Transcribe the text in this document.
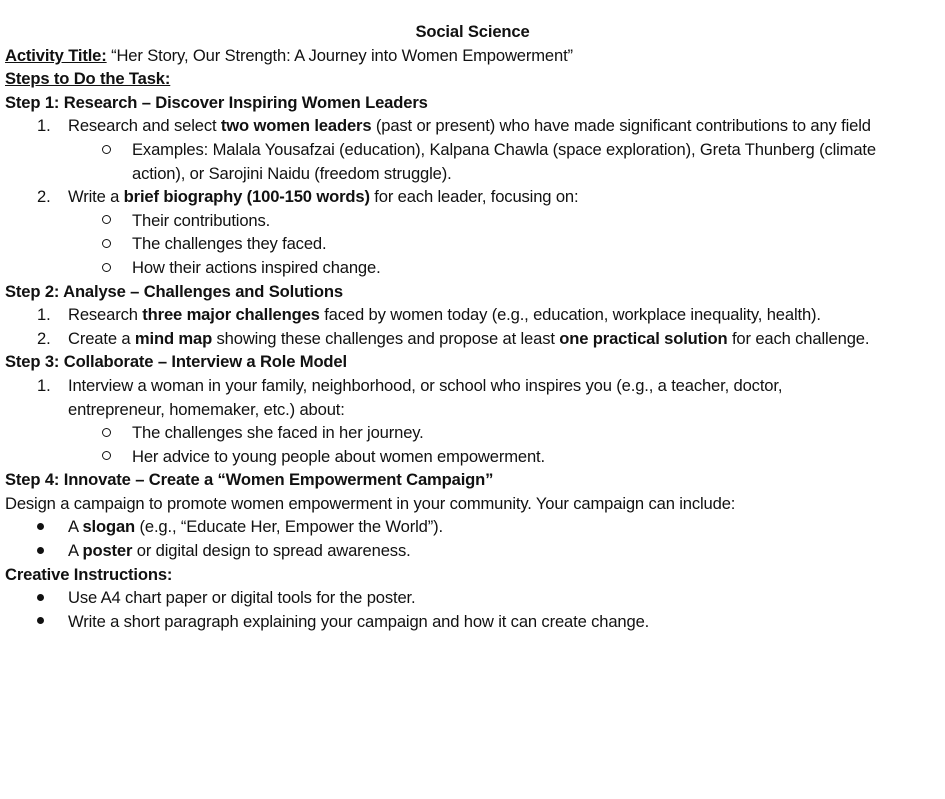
Social Science
Activity Title: “Her Story, Our Strength: A Journey into Women Empowerment”
Steps to Do the Task:
Step 1: Research – Discover Inspiring Women Leaders
1.	Research and select two women leaders (past or present) who have made significant contributions to any field
Examples: Malala Yousafzai (education), Kalpana Chawla (space exploration), Greta Thunberg (climate
action), or Sarojini Naidu (freedom struggle).
2.	Write a brief biography (100-150 words) for each leader, focusing on:
Their contributions.
The challenges they faced.
How their actions inspired change.
Step 2: Analyse – Challenges and Solutions
1.	Research three major challenges faced by women today (e.g., education, workplace inequality, health).
2.	Create a mind map showing these challenges and propose at least one practical solution for each challenge.
Step 3: Collaborate – Interview a Role Model
1.	Interview a woman in your family, neighborhood, or school who inspires you (e.g., a teacher, doctor,
entrepreneur, homemaker, etc.) about:
The challenges she faced in her journey.
Her advice to young people about women empowerment.
Step 4: Innovate – Create a “Women Empowerment Campaign”
Design a campaign to promote women empowerment in your community. Your campaign can include:
A slogan (e.g., “Educate Her, Empower the World”).
A poster or digital design to spread awareness.
Creative Instructions:
Use A4 chart paper or digital tools for the poster.
Write a short paragraph explaining your campaign and how it can create change.
